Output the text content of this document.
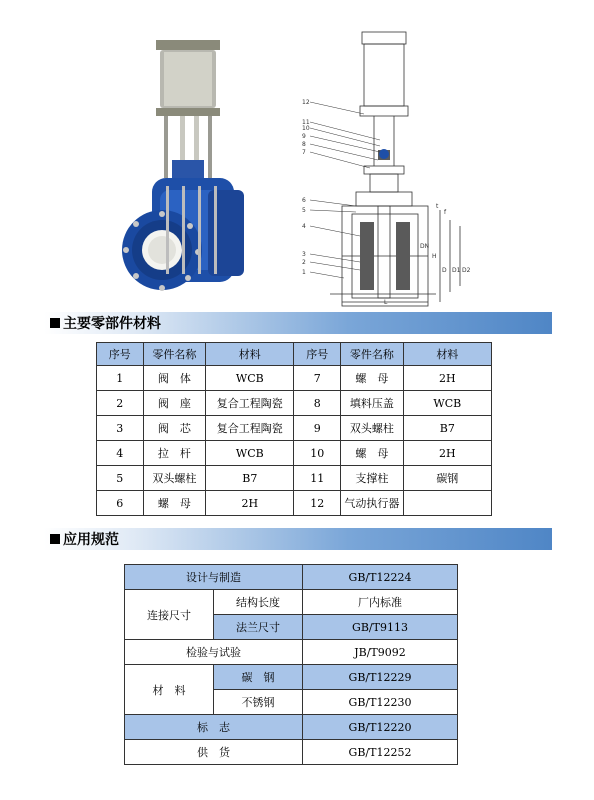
12
11
10
9
8
7
6
5
4
3
2
1
L
H
t
f
D D1 D2
DN
主要零部件材料
序号	零件名称	材料	序号	零件名称	材料
1	阀　体	WCB	7	螺　母	2H
2	阀　座	复合工程陶瓷	8	填料压盖	WCB
3	阀　芯	复合工程陶瓷	9	双头螺柱	B7
4	拉　杆	WCB	10	螺　母	2H
5	双头螺柱	B7	11	支撑柱	碳钢
6	螺　母	2H	12	气动执行器	
应用规范
设计与制造		GB/T12224
连接尺寸	结构长度	厂内标准
	法兰尺寸	GB/T9113
检验与试验		JB/T9092
材　料	碳　钢	GB/T12229
	不锈钢	GB/T12230
标　志		GB/T12220
供　货		GB/T12252
